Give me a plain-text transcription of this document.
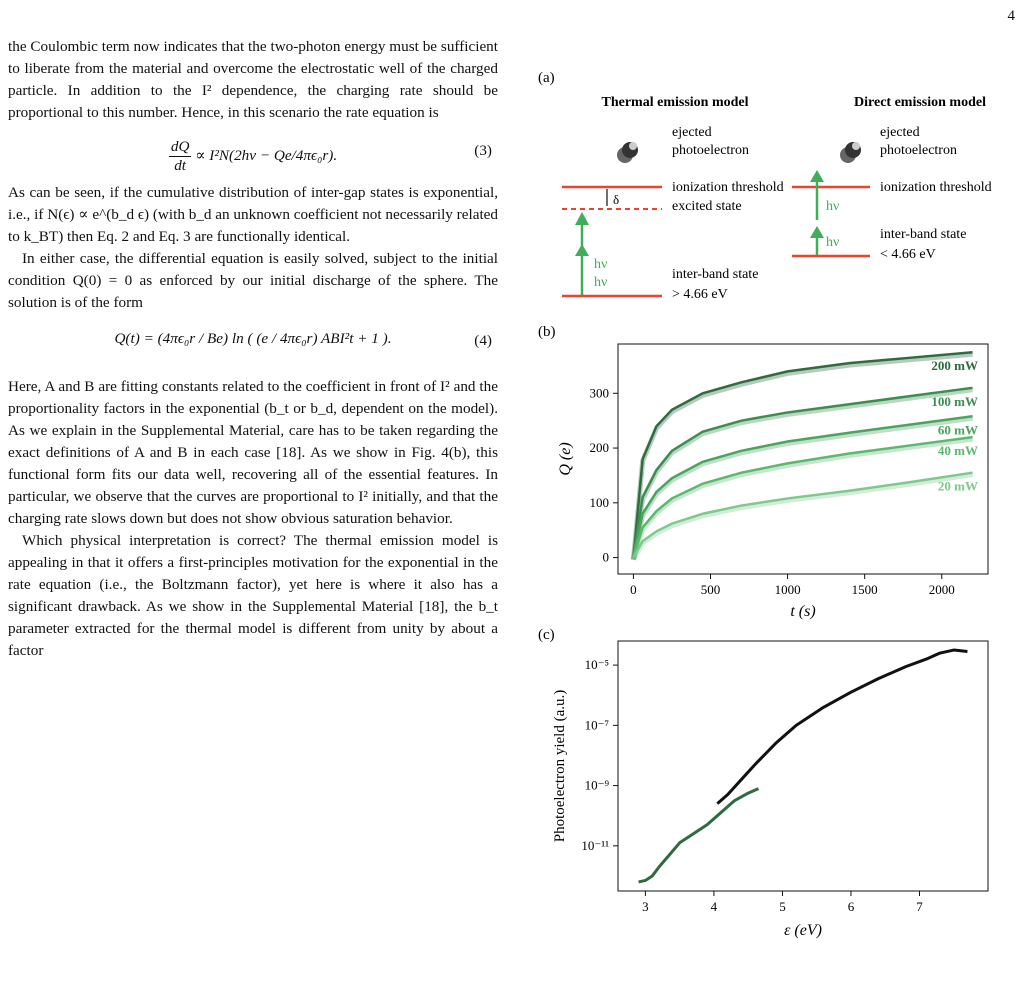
4

the Coulombic term now indicates that the two-photon energy must be sufficient to liberate from the material and overcome the electrostatic well of the charged particle. In addition to the I² dependence, the charging rate should be proportional to this number. Hence, in this scenario the rate equation is

$\frac{dQ}{dt} \propto I^2N(2h\nu - Qe/4\pi\epsilon_0r)$.	(3)

As can be seen, if the cumulative distribution of inter-gap states is exponential, i.e., if N(ϵ) ∝ e^(b_d ϵ) (with b_d an unknown coefficient not necessarily related to k_BT) then Eq. 2 and Eq. 3 are functionally identical.

In either case, the differential equation is easily solved, subject to the initial condition Q(0) = 0 as enforced by our initial discharge of the sphere. The solution is of the form

Q(t) = (4πϵ₀r / Be) ln ( (e / 4πϵ₀r) ABI²t + 1 ).	(4)

Here, A and B are fitting constants related to the coefficient in front of I² and the proportionality factors in the exponential (b_t or b_d, dependent on the model). As we explain in the Supplemental Material, care has to be taken regarding the exact definitions of A and B in each case [18]. As we show in Fig. 4(b), this functional form fits our data well, recovering all of the essential features. In particular, we observe that the curves are proportional to I² initially, and that the charging rate slows down but does not show obvious saturation behavior.

Which physical interpretation is correct? The thermal emission model is appealing in that it offers a first-principles motivation for the exponential in the rate equation (i.e., the Boltzmann factor), yet here is where it also has a significant drawback. As we show in the Supplemental Material [18], the b_t parameter extracted for the thermal model is different from unity by about a factor

(a)
Thermal emission model	Direct emission model
ejected
photoelectron
ionization threshold
δ	excited state
hν
hν
inter-band state
> 4.66 eV
ejected
photoelectron
ionization threshold
hν
hν
inter-band state
< 4.66 eV
(b)
0	500	1000	1500	2000
0
100
200
300
t (s)
Q (e)
200 mW
100 mW
60 mW
40 mW
20 mW
(c)
3	4	5	6	7
10⁻¹¹
10⁻⁹
10⁻⁷
10⁻⁵
ε (eV)
Photoelectron yield (a.u.)
